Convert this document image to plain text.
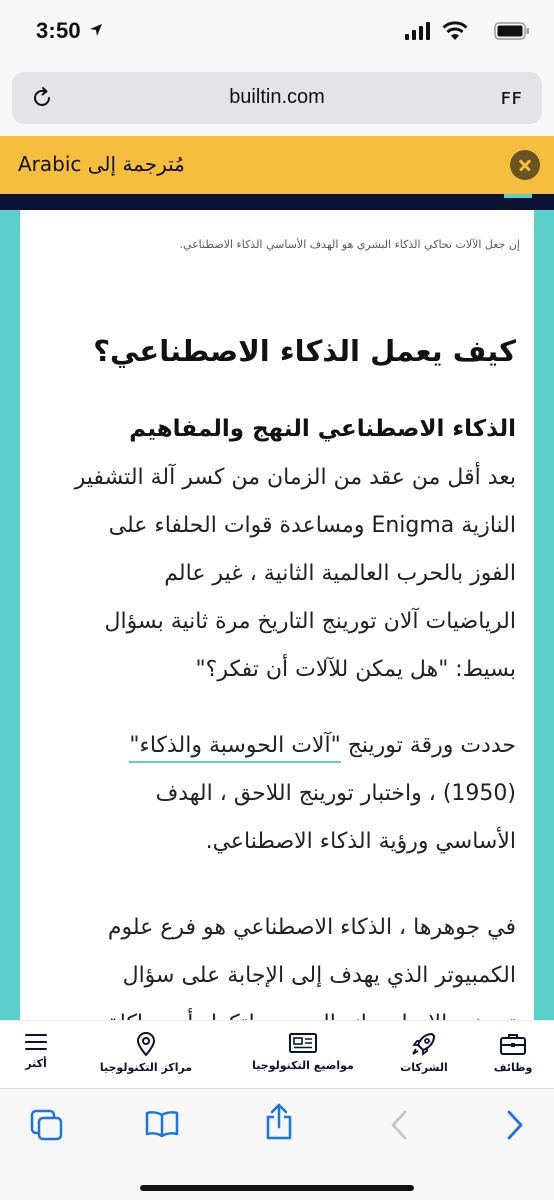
3:50
builtin.com	ꜰꜰ
Arabic مُترجمة إلى
إن جعل الآلات تحاكي الذكاء البشري هو الهدف الأساسي الذكاء الاصطناعي.
كيف يعمل الذكاء الاصطناعي؟
الذكاء الاصطناعي النهج والمفاهيم
بعد أقل من عقد من الزمان من كسر آلة التشفير
النازية Enigma ومساعدة قوات الحلفاء على
الفوز بالحرب العالمية الثانية ، غير عالم
الرياضيات آلان تورينج التاريخ مرة ثانية بسؤال
بسيط: "هل يمكن للآلات أن تفكر؟"
حددت ورقة تورينج "آلات الحوسبة والذكاء"
(1950) ، واختبار تورينج اللاحق ، الهدف
الأساسي ورؤية الذكاء الاصطناعي.
في جوهرها ، الذكاء الاصطناعي هو فرع علوم
الكمبيوتر الذي يهدف إلى الإجابة على سؤال
وظائف
الشركات
مواضيع التكنولوجيا
مراكز التكنولوجيا
أكثر
